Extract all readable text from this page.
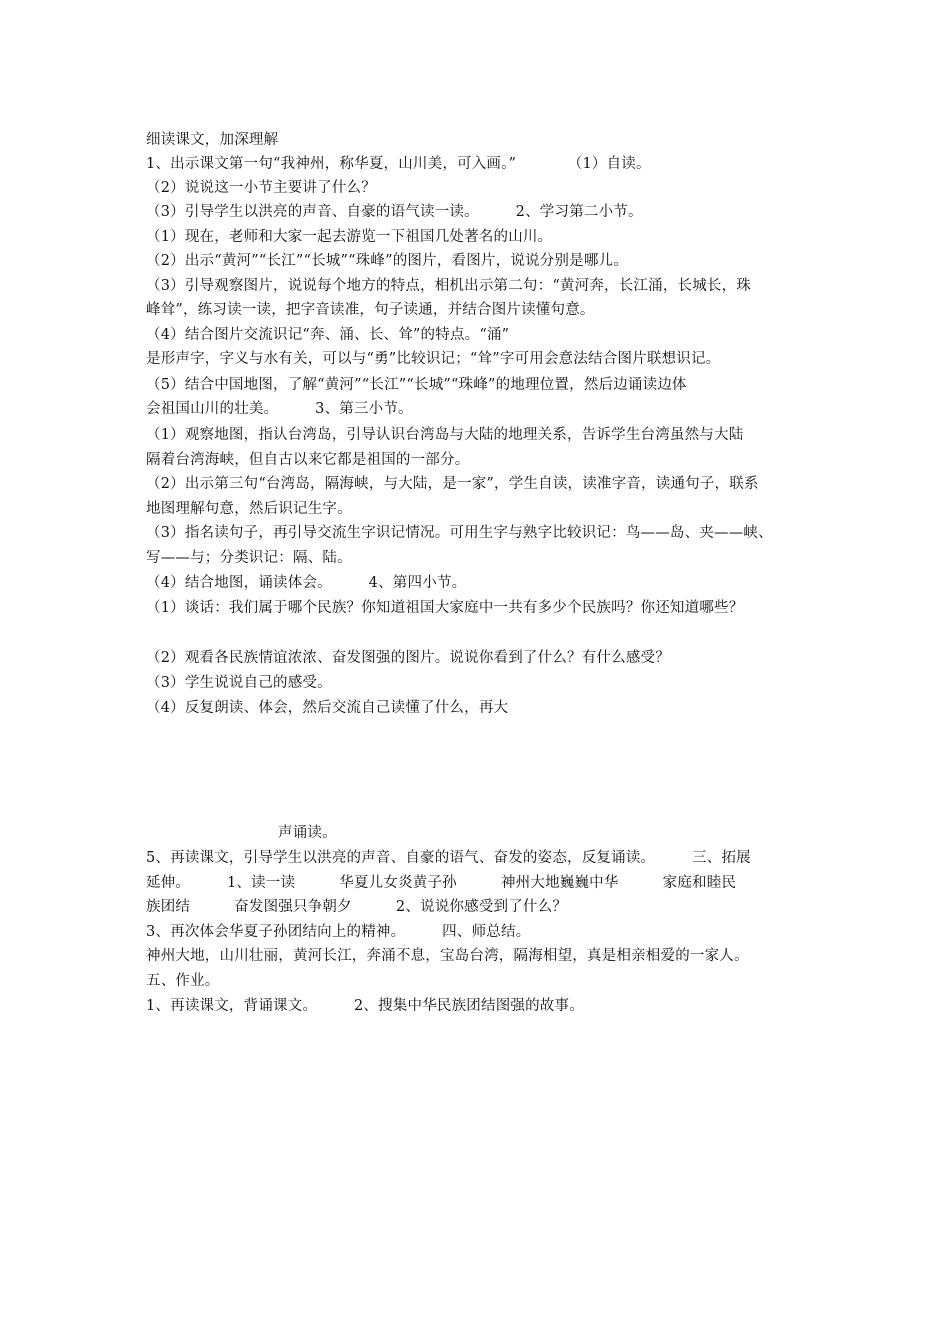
细读课文，加深理解
1、出示课文第一句“我神州，称华夏，山川美，可入画。”　　　　（1）自读。
（2）说说这一小节主要讲了什么？
（3）引导学生以洪亮的声音、自豪的语气读一读。　　　2、学习第二小节。
（1）现在，老师和大家一起去游览一下祖国几处著名的山川。
（2）出示“黄河”“长江”“长城”“珠峰”的图片，看图片，说说分别是哪儿。
（3）引导观察图片，说说每个地方的特点，相机出示第二句：“黄河奔，长江涌，长城长，珠
峰耸”，练习读一读，把字音读准，句子读通，并结合图片读懂句意。
（4）结合图片交流识记“奔、涌、长、耸”的特点。“涌”
是形声字，字义与水有关，可以与“勇”比较识记；“耸”字可用会意法结合图片联想识记。
（5）结合中国地图，了解“黄河”“长江”“长城”“珠峰”的地理位置，然后边诵读边体
会祖国山川的壮美。　　　3、第三小节。
（1）观察地图，指认台湾岛，引导认识台湾岛与大陆的地理关系，告诉学生台湾虽然与大陆
隔着台湾海峡，但自古以来它都是祖国的一部分。
（2）出示第三句“台湾岛，隔海峡，与大陆，是一家”，学生自读，读准字音，读通句子，联系
地图理解句意，然后识记生字。
（3）指名读句子，再引导交流生字识记情况。可用生字与熟字比较识记：鸟——岛、夹——峡、
写——与；分类识记：隔、陆。
（4）结合地图，诵读体会。　　　4、第四小节。
（1）谈话：我们属于哪个民族？你知道祖国大家庭中一共有多少个民族吗？你还知道哪些？
（2）观看各民族情谊浓浓、奋发图强的图片。说说你看到了什么？有什么感受？
（3）学生说说自己的感受。
（4）反复朗读、体会，然后交流自己读懂了什么，再大
声诵读。
5、再读课文，引导学生以洪亮的声音、自豪的语气、奋发的姿态，反复诵读。　　　三、拓展
延伸。　　　1、读一读　　　华夏儿女炎黄子孙　　　神州大地巍巍中华　　　家庭和睦民
族团结　　　奋发图强只争朝夕　　　2、说说你感受到了什么？
3、再次体会华夏子孙团结向上的精神。　　　四、师总结。
神州大地，山川壮丽，黄河长江，奔涌不息，宝岛台湾，隔海相望，真是相亲相爱的一家人。
五、作业。
1、再读课文，背诵课文。　　　2、搜集中华民族团结图强的故事。
